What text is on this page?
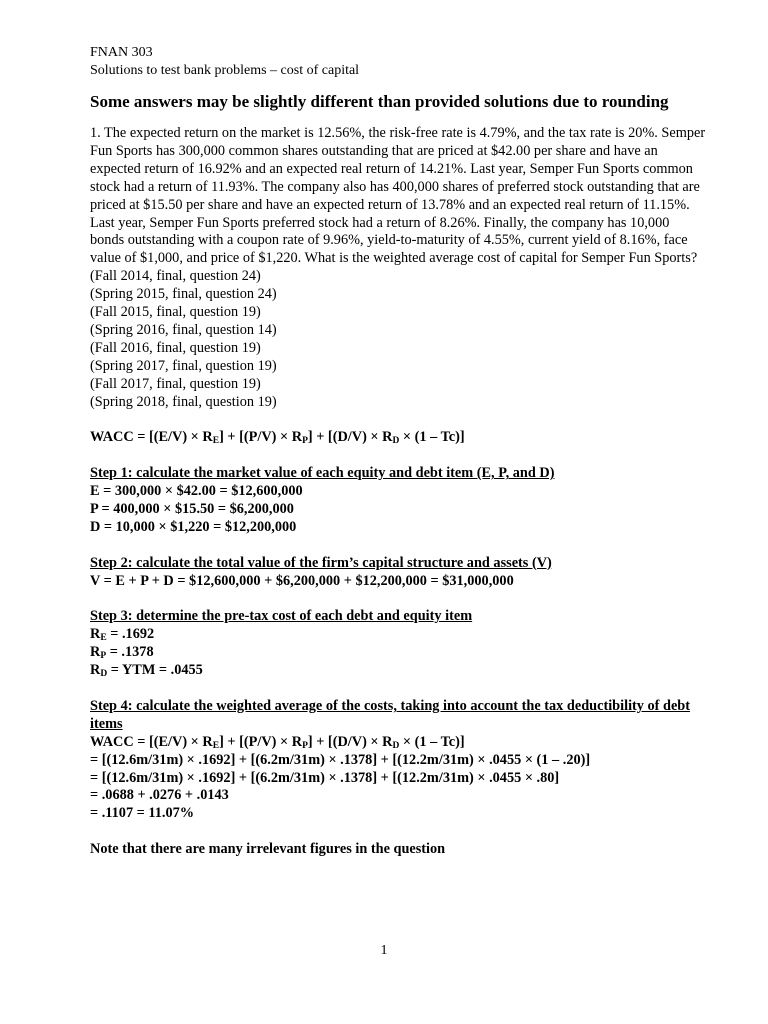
FNAN 303
Solutions to test bank problems – cost of capital
Some answers may be slightly different than provided solutions due to rounding
1. The expected return on the market is 12.56%, the risk-free rate is 4.79%, and the tax rate is 20%. Semper Fun Sports has 300,000 common shares outstanding that are priced at $42.00 per share and have an expected return of 16.92% and an expected real return of 14.21%. Last year, Semper Fun Sports common stock had a return of 11.93%. The company also has 400,000 shares of preferred stock outstanding that are priced at $15.50 per share and have an expected return of 13.78% and an expected real return of 11.15%. Last year, Semper Fun Sports preferred stock had a return of 8.26%. Finally, the company has 10,000 bonds outstanding with a coupon rate of 9.96%, yield-to-maturity of 4.55%, current yield of 8.16%, face value of $1,000, and price of $1,220. What is the weighted average cost of capital for Semper Fun Sports?
(Fall 2014, final, question 24)
(Spring 2015, final, question 24)
(Fall 2015, final, question 19)
(Spring 2016, final, question 14)
(Fall 2016, final, question 19)
(Spring 2017, final, question 19)
(Fall 2017, final, question 19)
(Spring 2018, final, question 19)
WACC = $[(E/V) \times R_E] + [(P/V) \times R_P] + [(D/V) \times R_D \times (1 - Tc)]$
Step 1: calculate the market value of each equity and debt item (E, P, and D)
E = 300,000 × $42.00 = $12,600,000
P = 400,000 × $15.50 = $6,200,000
D = 10,000 × $1,220 = $12,200,000
Step 2: calculate the total value of the firm’s capital structure and assets (V)
V = E + P + D = $12,600,000 + $6,200,000 + $12,200,000 = $31,000,000
Step 3: determine the pre-tax cost of each debt and equity item
$R_E = .1692$
$R_P = .1378$
$R_D$ = YTM = .0455
Step 4: calculate the weighted average of the costs, taking into account the tax deductibility of debt items
WACC = $[(E/V) \times R_E] + [(P/V) \times R_P] + [(D/V) \times R_D \times (1 - Tc)]$
= [(12.6m/31m) × .1692] + [(6.2m/31m) × .1378] + [(12.2m/31m) × .0455 × (1 – .20)]
= [(12.6m/31m) × .1692] + [(6.2m/31m) × .1378] + [(12.2m/31m) × .0455 × .80]
= .0688 + .0276 + .0143
= .1107 = 11.07%
Note that there are many irrelevant figures in the question
1
